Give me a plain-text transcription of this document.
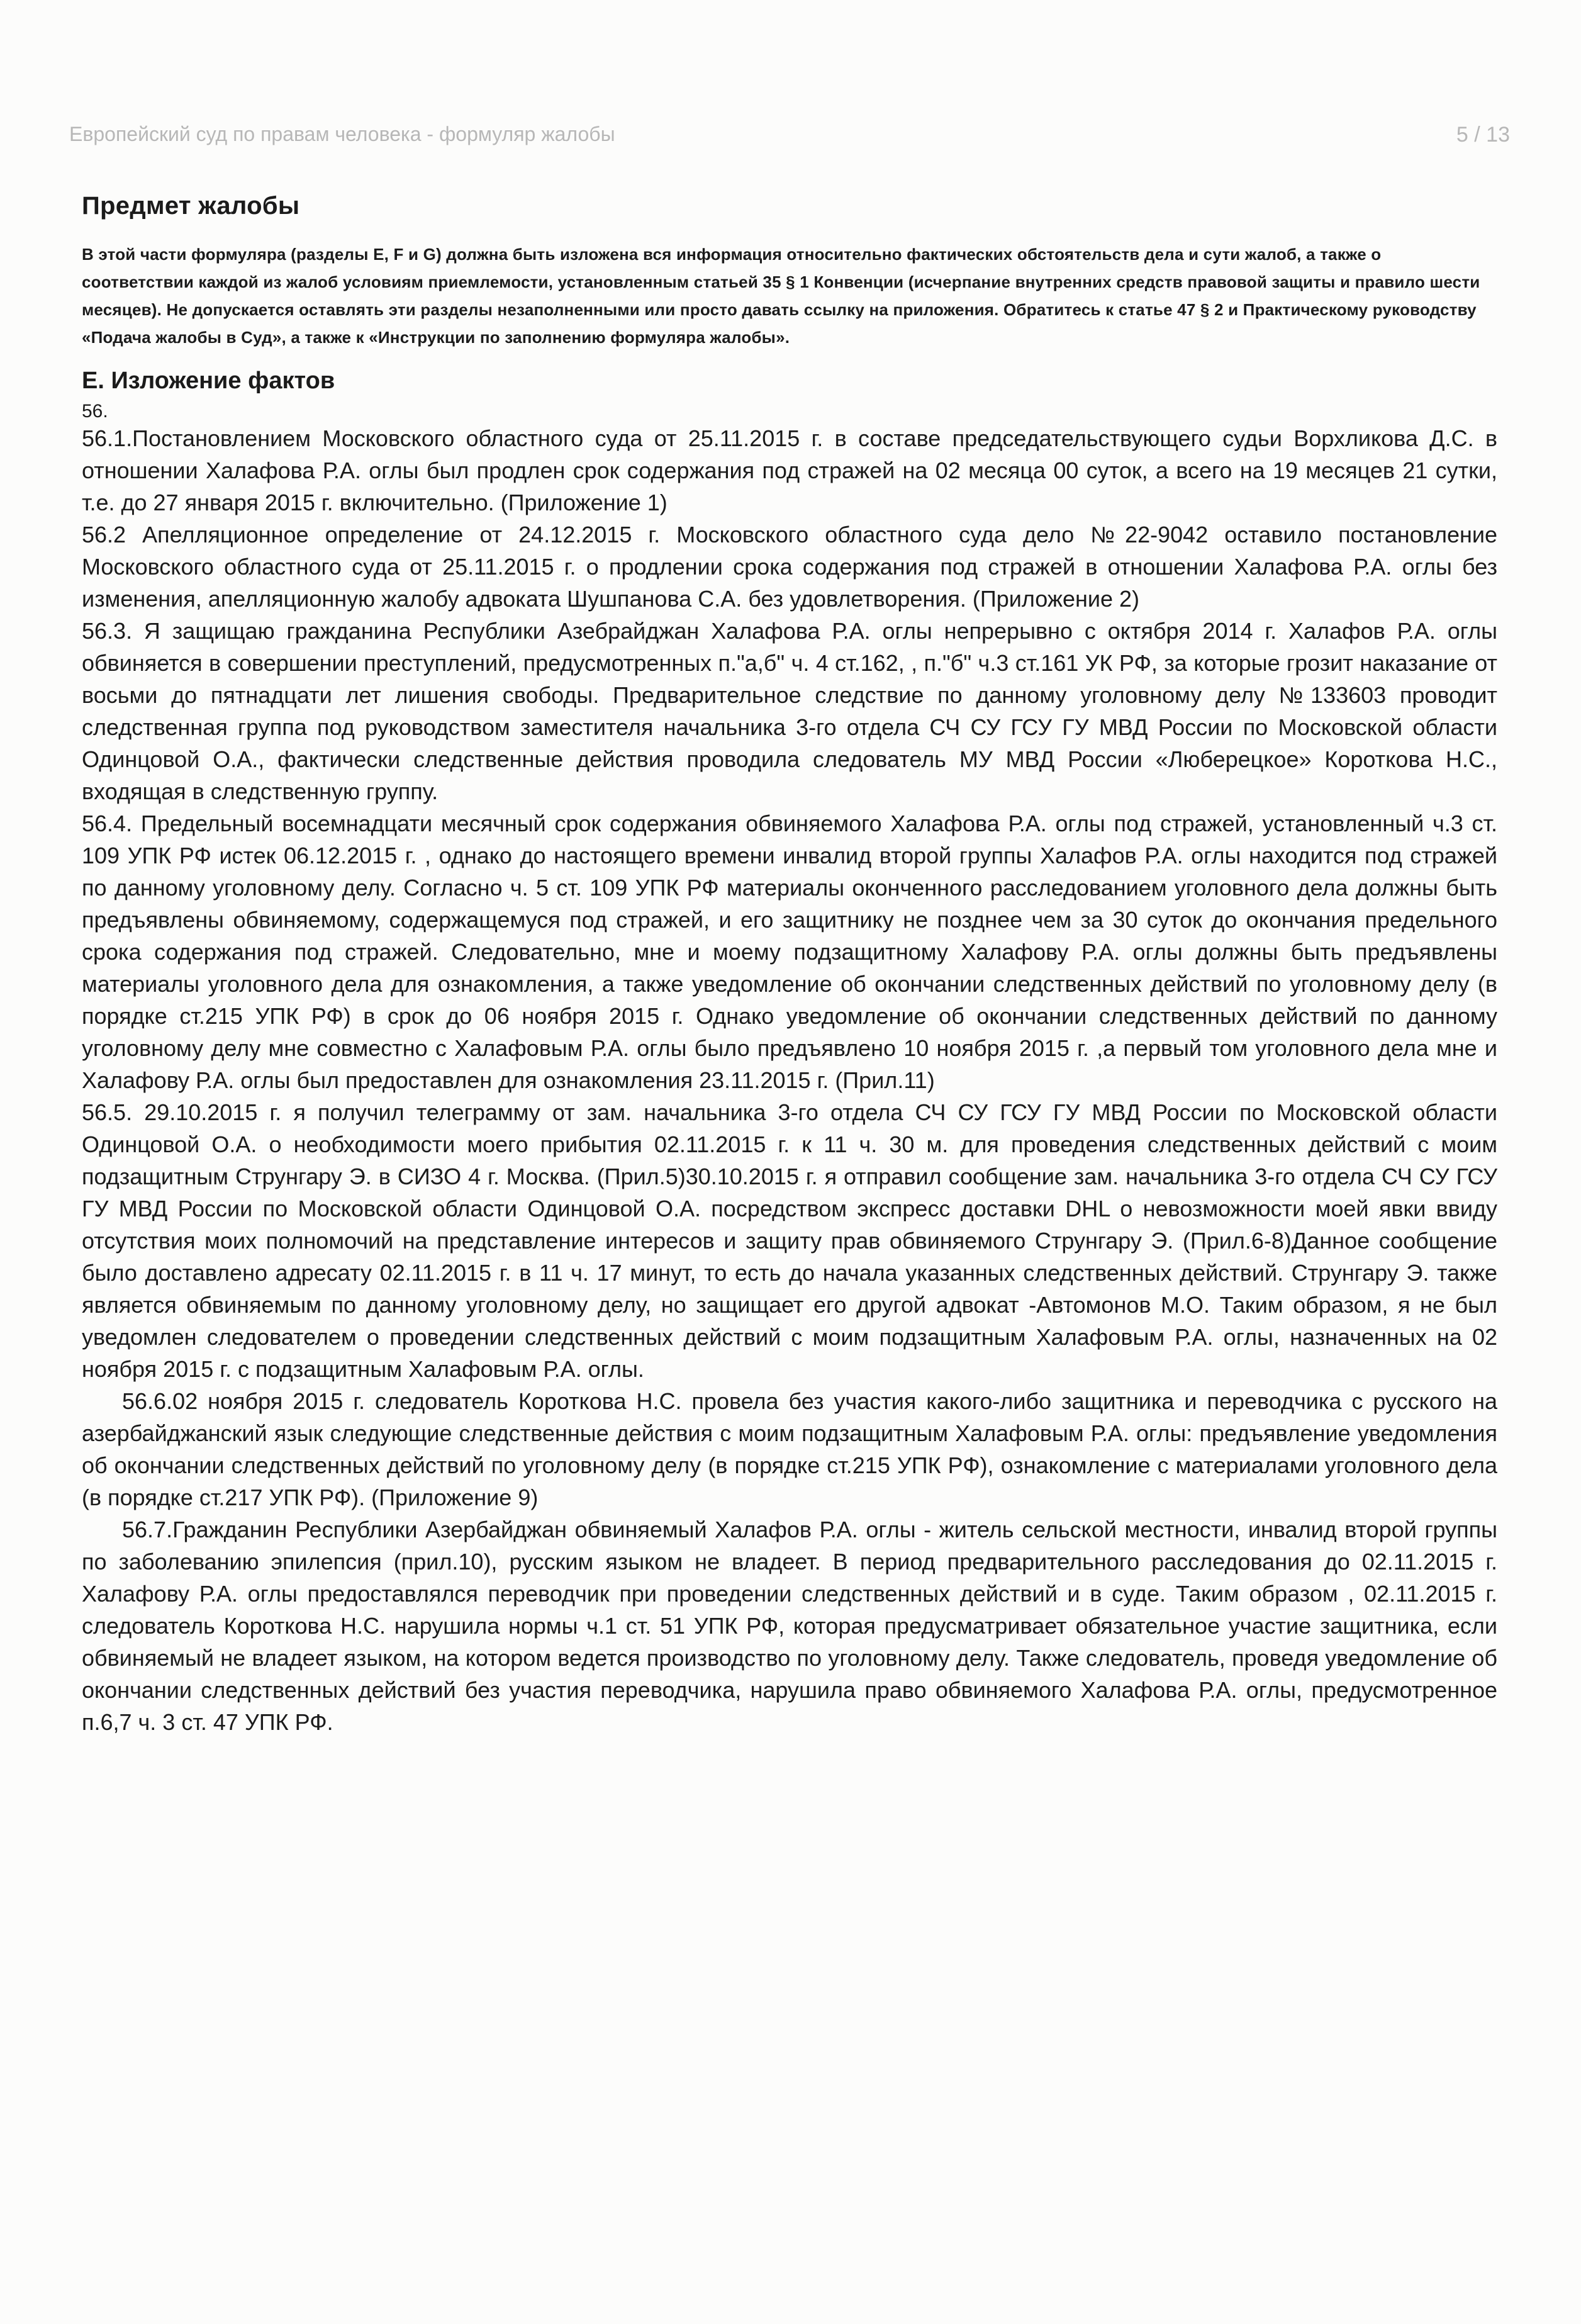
Европейский суд по правам человека - формуляр жалобы	5 / 13
Предмет жалобы

В этой части формуляра (разделы E, F и G) должна быть изложена вся информация относительно фактических обстоятельств дела и сути жалоб, а также о соответствии каждой из жалоб условиям приемлемости, установленным статьей 35 § 1 Конвенции (исчерпание внутренних средств правовой защиты и правило шести месяцев). Не допускается оставлять эти разделы незаполненными или просто давать ссылку на приложения. Обратитесь к статье 47 § 2 и Практическому руководству «Подача жалобы в Суд», а также к «Инструкции по заполнению формуляра жалобы».

E. Изложение фактов

56.

56.1.Постановлением Московского областного суда от 25.11.2015 г. в составе председательствующего судьи Ворхликова Д.С. в отношении Халафова Р.А. оглы был продлен срок содержания под стражей на 02 месяца 00 суток, а всего на 19 месяцев 21 сутки, т.е. до 27 января 2015 г. включительно. (Приложение 1)

56.2 Апелляционное определение от 24.12.2015 г. Московского областного суда дело №22-9042 оставило постановление Московского областного суда от 25.11.2015 г. о продлении срока содержания под стражей в отношении Халафова Р.А. оглы без изменения, апелляционную жалобу адвоката Шушпанова С.А. без удовлетворения. (Приложение 2)

56.3. Я защищаю гражданина Республики Азебрайджан Халафова Р.А. оглы непрерывно с октября 2014 г. Халафов Р.А. оглы обвиняется в совершении преступлений, предусмотренных п."а,б" ч. 4 ст.162, , п."б" ч.3 ст.161 УК РФ, за которые грозит наказание от восьми до пятнадцати лет лишения свободы. Предварительное следствие по данному уголовному делу №133603 проводит следственная группа под руководством заместителя начальника 3-го отдела СЧ СУ ГСУ ГУ МВД России по Московской области Одинцовой О.А., фактически следственные действия проводила следователь МУ МВД России «Люберецкое» Короткова Н.С., входящая в следственную группу.

56.4. Предельный восемнадцати месячный срок содержания обвиняемого Халафова Р.А. оглы под стражей, установленный ч.3 ст. 109 УПК РФ истек 06.12.2015 г. , однако до настоящего времени инвалид второй группы Халафов Р.А. оглы находится под стражей по данному уголовному делу. Согласно ч. 5 ст. 109 УПК РФ материалы оконченного расследованием уголовного дела должны быть предъявлены обвиняемому, содержащемуся под стражей, и его защитнику не позднее чем за 30 суток до окончания предельного срока содержания под стражей. Следовательно, мне и моему подзащитному Халафову Р.А. оглы должны быть предъявлены материалы уголовного дела для ознакомления, а также уведомление об окончании следственных действий по уголовному делу (в порядке ст.215 УПК РФ) в срок до 06 ноября 2015 г. Однако уведомление об окончании следственных действий по данному уголовному делу мне совместно с Халафовым Р.А. оглы было предъявлено 10 ноября 2015 г. ,а первый том уголовного дела мне и Халафову Р.А. оглы был предоставлен для ознакомления 23.11.2015 г. (Прил.11)

56.5. 29.10.2015 г. я получил телеграмму от зам. начальника 3-го отдела СЧ СУ ГСУ ГУ МВД России по Московской области Одинцовой О.А. о необходимости моего прибытия 02.11.2015 г. к 11 ч. 30 м. для проведения следственных действий с моим подзащитным Струнгару Э. в СИЗО 4 г. Москва. (Прил.5)30.10.2015 г. я отправил сообщение зам. начальника 3-го отдела СЧ СУ ГСУ ГУ МВД России по Московской области Одинцовой О.А. посредством экспресс доставки DHL о невозможности моей явки ввиду отсутствия моих полномочий на представление интересов и защиту прав обвиняемого Струнгару Э. (Прил.6-8)Данное сообщение было доставлено адресату 02.11.2015 г. в 11 ч. 17 минут, то есть до начала указанных следственных действий. Струнгару Э. также является обвиняемым по данному уголовному делу, но защищает его другой адвокат -Автомонов М.О. Таким образом, я не был уведомлен следователем о проведении следственных действий с моим подзащитным Халафовым Р.А. оглы, назначенных на 02 ноября 2015 г. с подзащитным Халафовым Р.А. оглы.

56.6.02 ноября 2015 г. следователь Короткова Н.С. провела без участия какого-либо защитника и переводчика с русского на азербайджанский язык следующие следственные действия с моим подзащитным Халафовым Р.А. оглы: предъявление уведомления об окончании следственных действий по уголовному делу (в порядке ст.215 УПК РФ), ознакомление с материалами уголовного дела (в порядке ст.217 УПК РФ). (Приложение 9)

56.7.Гражданин Республики Азербайджан обвиняемый Халафов Р.А. оглы - житель сельской местности, инвалид второй группы по заболеванию эпилепсия (прил.10), русским языком не владеет. В период предварительного расследования до 02.11.2015 г. Халафову Р.А. оглы предоставлялся переводчик при проведении следственных действий и в суде. Таким образом , 02.11.2015 г. следователь Короткова Н.С. нарушила нормы ч.1 ст. 51 УПК РФ, которая предусматривает обязательное участие защитника, если обвиняемый не владеет языком, на котором ведется производство по уголовному делу. Также следователь, проведя уведомление об окончании следственных действий без участия переводчика, нарушила право обвиняемого Халафова Р.А. оглы, предусмотренное п.6,7 ч. 3 ст. 47 УПК РФ.
